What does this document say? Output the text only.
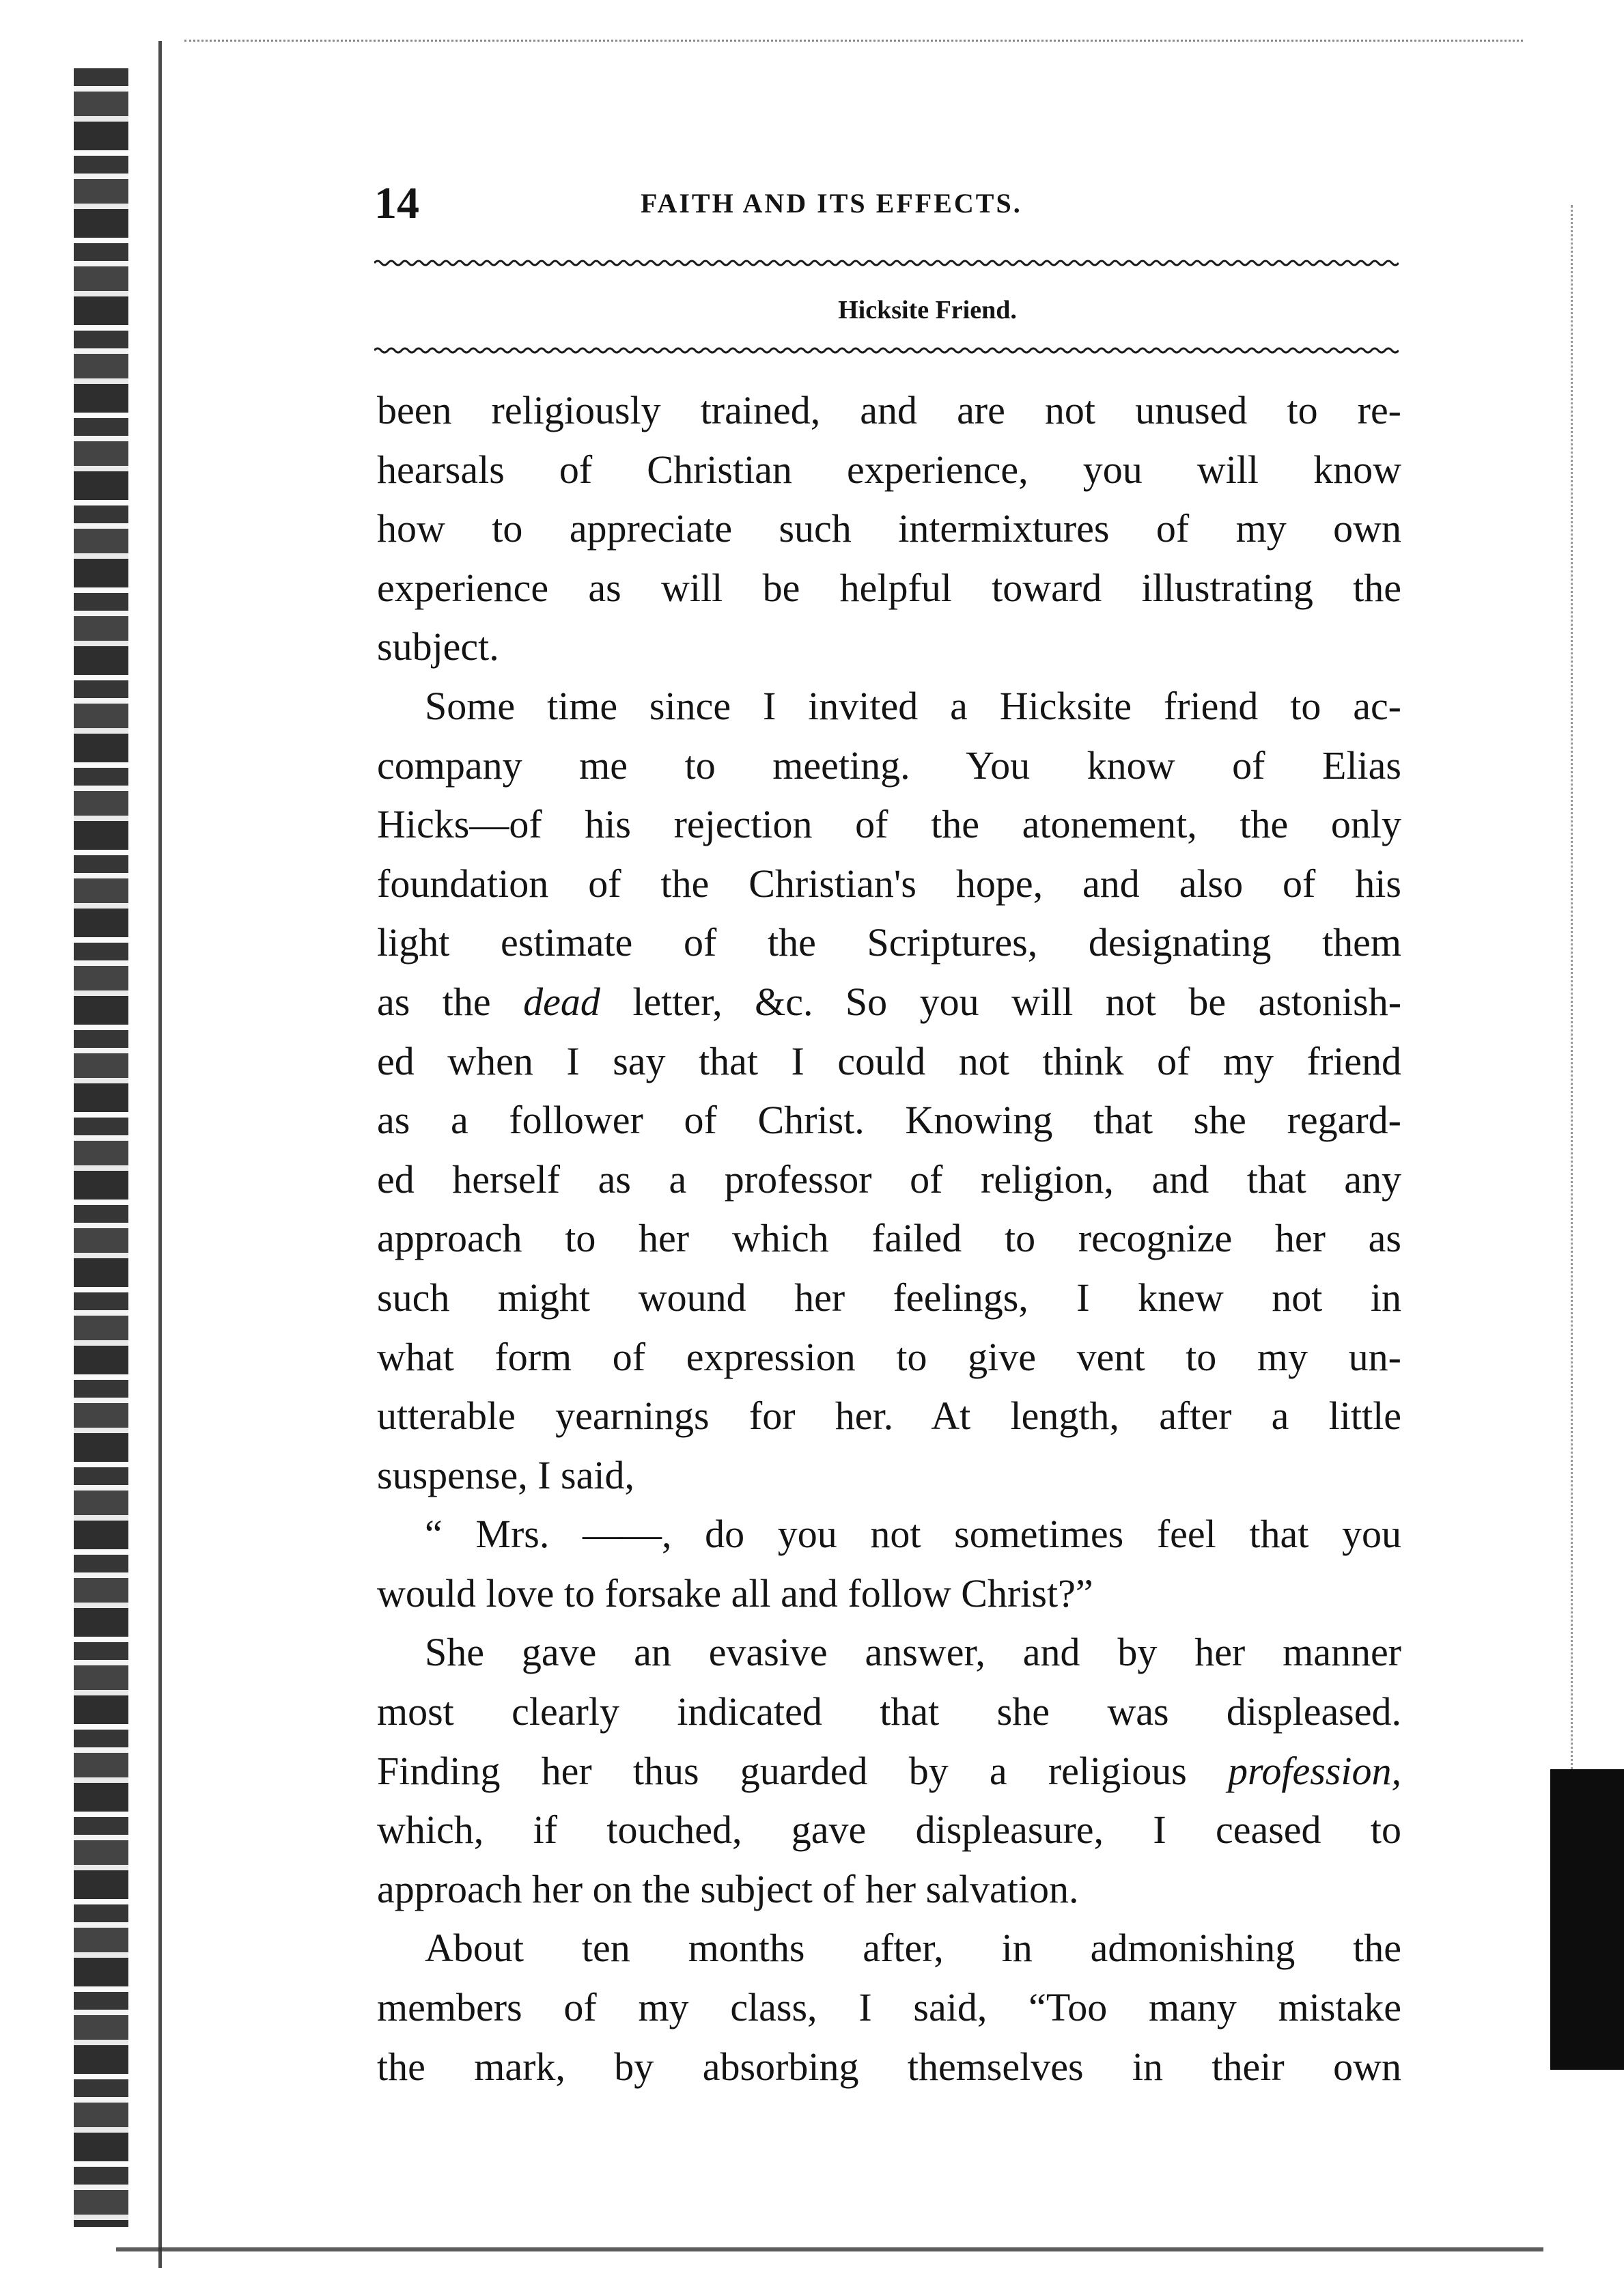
14	FAITH AND ITS EFFECTS.
Hicksite Friend.
been religiously trained, and are not unused to re-
hearsals of Christian experience, you will know
how to appreciate such intermixtures of my own
experience as will be helpful toward illustrating the
subject.
Some time since I invited a Hicksite friend to ac-
company me to meeting. You know of Elias
Hicks—of his rejection of the atonement, the only
foundation of the Christian's hope, and also of his
light estimate of the Scriptures, designating them
as the dead letter, &c. So you will not be astonish-
ed when I say that I could not think of my friend
as a follower of Christ. Knowing that she regard-
ed herself as a professor of religion, and that any
approach to her which failed to recognize her as
such might wound her feelings, I knew not in
what form of expression to give vent to my un-
utterable yearnings for her. At length, after a little
suspense, I said,
“ Mrs. ——, do you not sometimes feel that you
would love to forsake all and follow Christ?”
She gave an evasive answer, and by her manner
most clearly indicated that she was displeased.
Finding her thus guarded by a religious profession,
which, if touched, gave displeasure, I ceased to
approach her on the subject of her salvation.
About ten months after, in admonishing the
members of my class, I said, “Too many mistake
the mark, by absorbing themselves in their own
